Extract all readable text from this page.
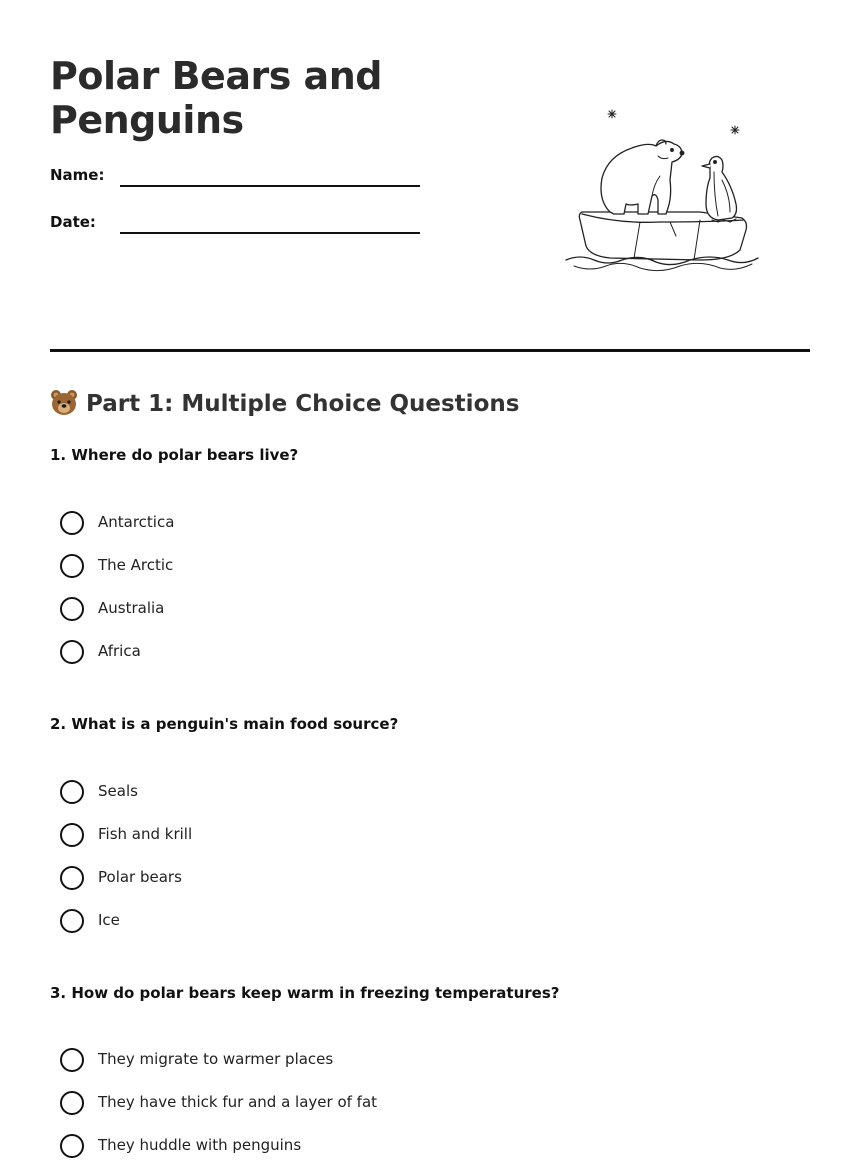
Polar Bears and Penguins
Name:
Date:
Part 1: Multiple Choice Questions

1. Where do polar bears live?

Antarctica
The Arctic
Australia
Africa

2. What is a penguin's main food source?

Seals
Fish and krill
Polar bears
Ice

3. How do polar bears keep warm in freezing temperatures?

They migrate to warmer places
They have thick fur and a layer of fat
They huddle with penguins
